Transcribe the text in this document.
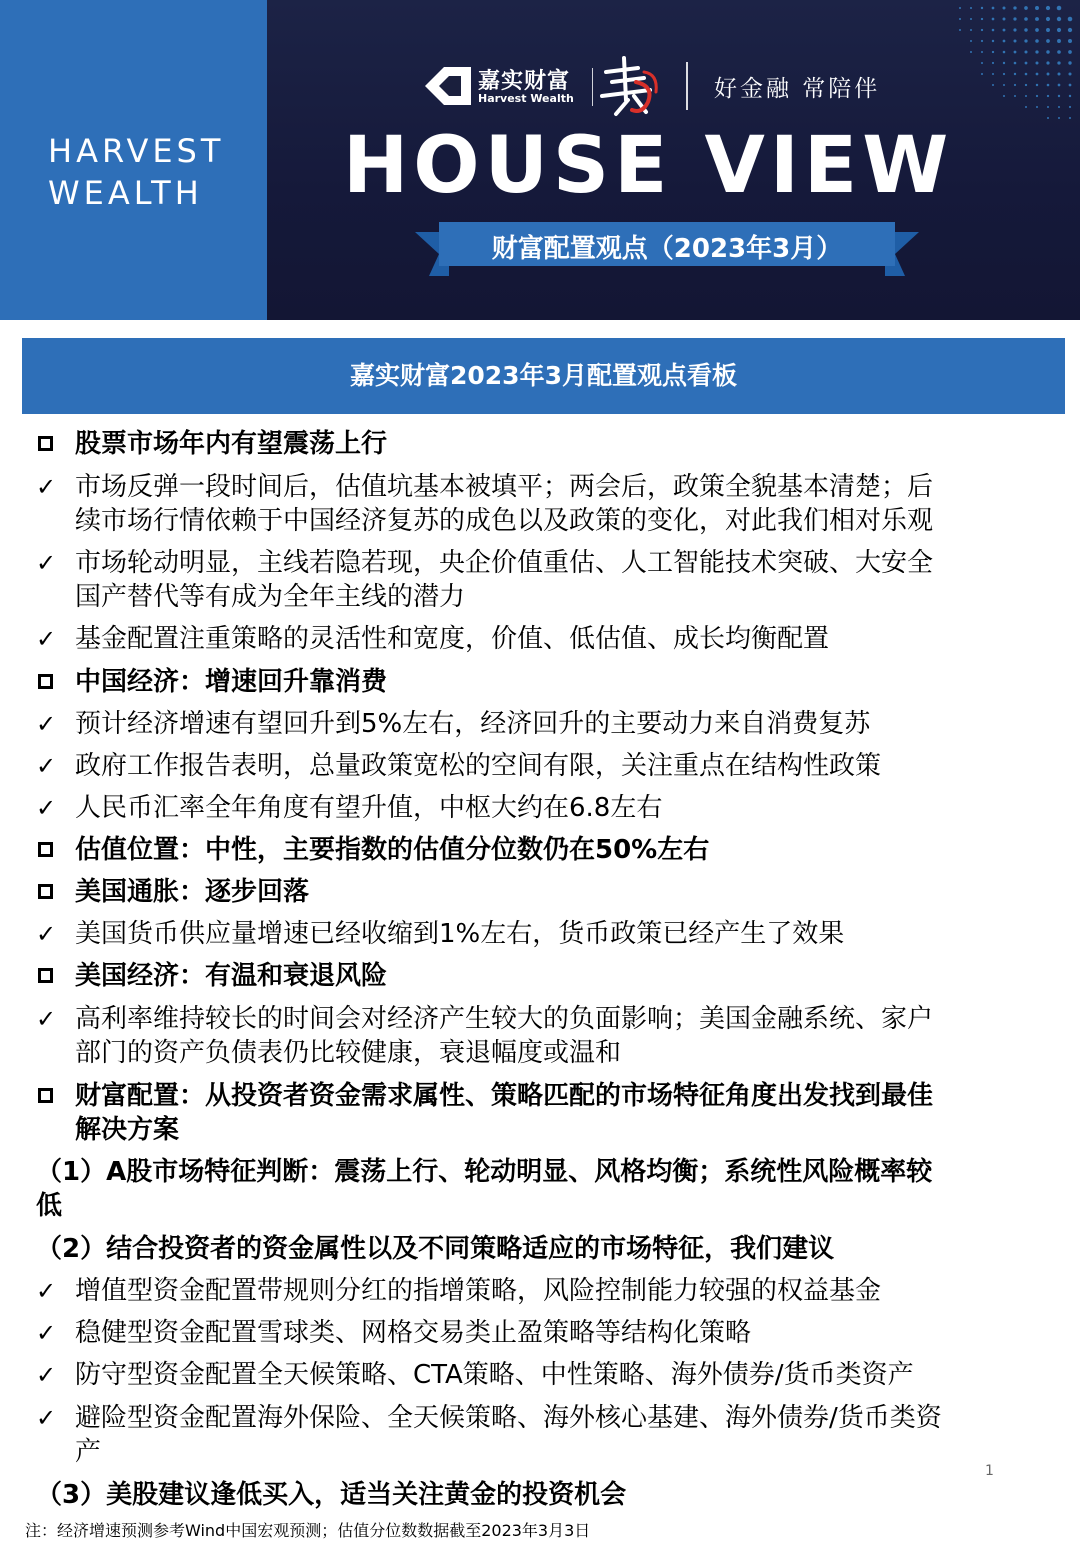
HARVEST
WEALTH
嘉实财富
Harvest Wealth	好金融 常陪伴
HOUSE VIEW
财富配置观点（2023年3月）
嘉实财富2023年3月配置观点看板
股票市场年内有望震荡上行
✓ 市场反弹一段时间后，估值坑基本被填平；两会后，政策全貌基本清楚；后
续市场行情依赖于中国经济复苏的成色以及政策的变化，对此我们相对乐观
✓ 市场轮动明显，主线若隐若现，央企价值重估、人工智能技术突破、大安全
国产替代等有成为全年主线的潜力
✓ 基金配置注重策略的灵活性和宽度，价值、低估值、成长均衡配置
中国经济：增速回升靠消费
✓ 预计经济增速有望回升到5%左右，经济回升的主要动力来自消费复苏
✓ 政府工作报告表明，总量政策宽松的空间有限，关注重点在结构性政策
✓ 人民币汇率全年角度有望升值，中枢大约在6.8左右
估值位置：中性，主要指数的估值分位数仍在50%左右
美国通胀：逐步回落
✓ 美国货币供应量增速已经收缩到1%左右，货币政策已经产生了效果
美国经济：有温和衰退风险
✓ 高利率维持较长的时间会对经济产生较大的负面影响；美国金融系统、家户
部门的资产负债表仍比较健康，衰退幅度或温和
财富配置：从投资者资金需求属性、策略匹配的市场特征角度出发找到最佳
解决方案
（1）A股市场特征判断：震荡上行、轮动明显、风格均衡；系统性风险概率较
低
（2）结合投资者的资金属性以及不同策略适应的市场特征，我们建议
✓ 增值型资金配置带规则分红的指增策略，风险控制能力较强的权益基金
✓ 稳健型资金配置雪球类、网格交易类止盈策略等结构化策略
✓ 防守型资金配置全天候策略、CTA策略、中性策略、海外债券/货币类资产
✓ 避险型资金配置海外保险、全天候策略、海外核心基建、海外债券/货币类资
产
（3）美股建议逢低买入，适当关注黄金的投资机会
1
注：经济增速预测参考Wind中国宏观预测；估值分位数数据截至2023年3月3日
